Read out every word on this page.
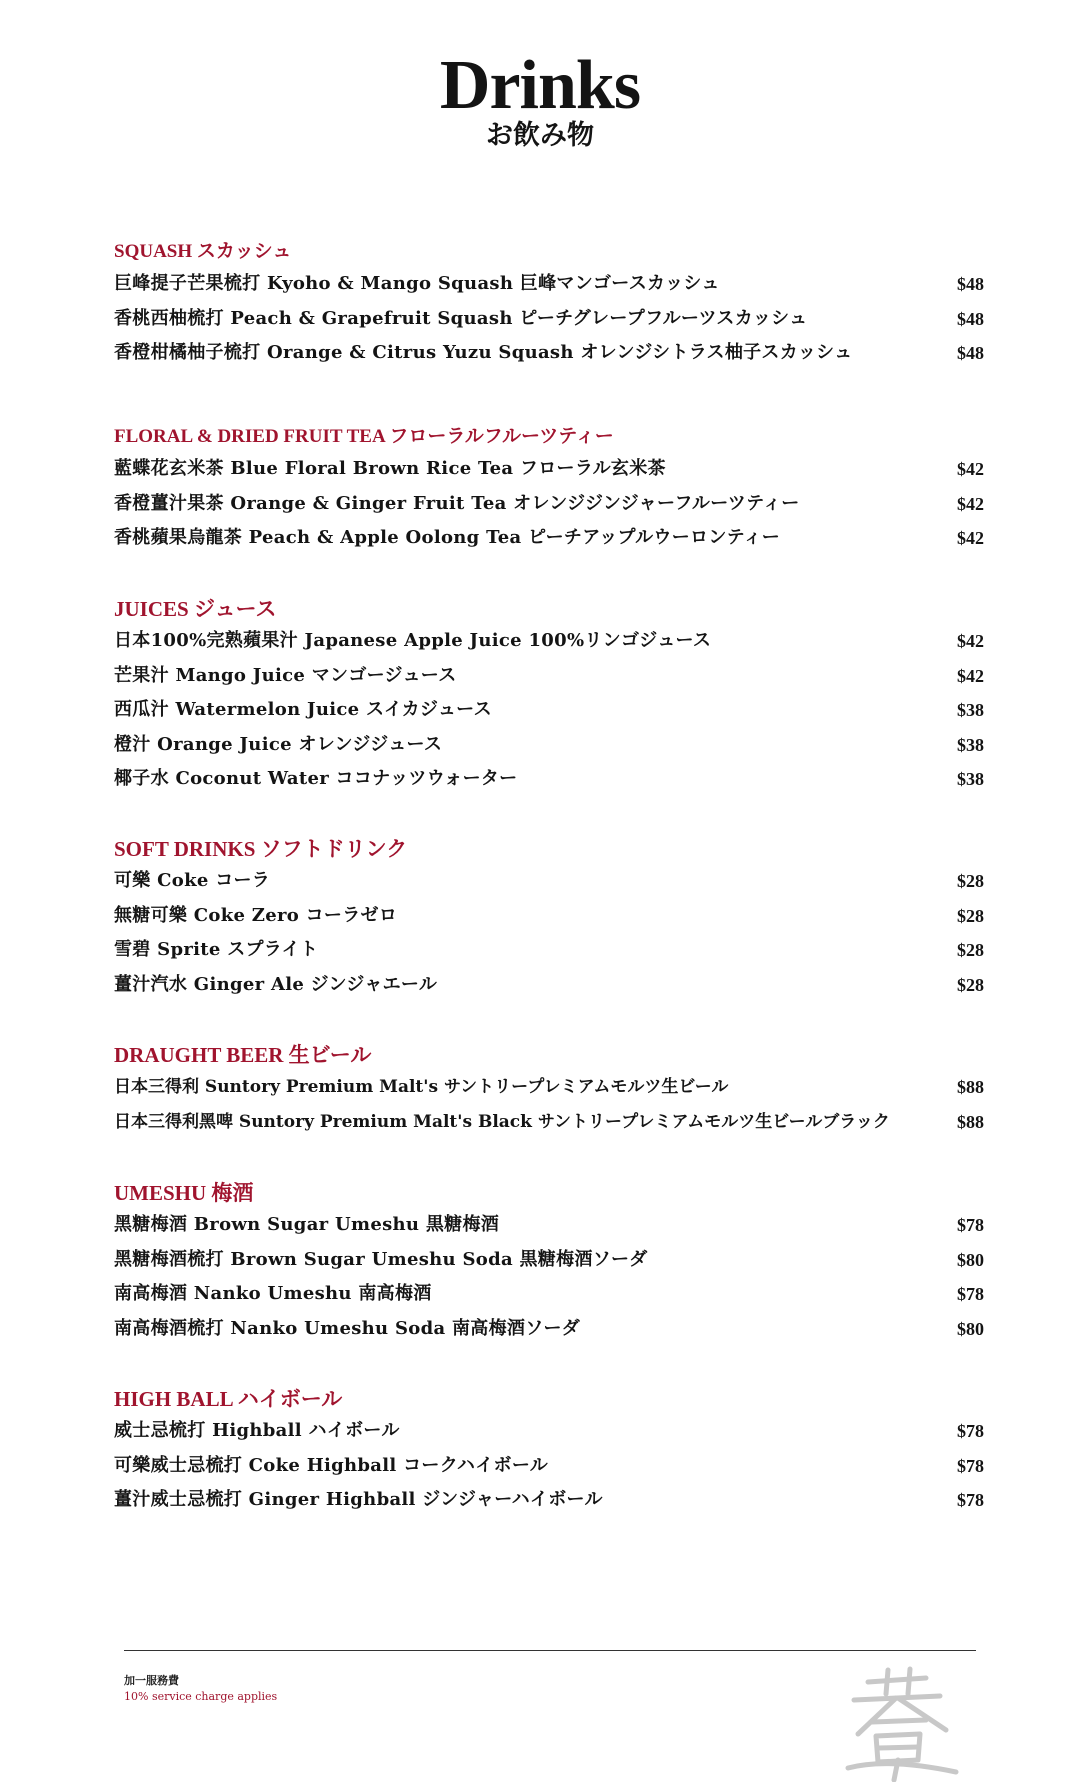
Drinks
お飲み物
SQUASH スカッシュ
巨峰提子芒果梳打 Kyoho & Mango Squash 巨峰マンゴースカッシュ	$48
香桃西柚梳打 Peach & Grapefruit Squash ピーチグレープフルーツスカッシュ	$48
香橙柑橘柚子梳打 Orange & Citrus Yuzu Squash オレンジシトラス柚子スカッシュ	$48
FLORAL & DRIED FRUIT TEA フローラルフルーツティー
藍蝶花玄米茶 Blue Floral Brown Rice Tea フローラル玄米茶	$42
香橙薑汁果茶 Orange & Ginger Fruit Tea オレンジジンジャーフルーツティー	$42
香桃蘋果烏龍茶 Peach & Apple Oolong Tea ピーチアップルウーロンティー	$42
JUICES ジュース
日本100%完熟蘋果汁 Japanese Apple Juice 100%リンゴジュース	$42
芒果汁 Mango Juice マンゴージュース	$42
西瓜汁 Watermelon Juice スイカジュース	$38
橙汁 Orange Juice オレンジジュース	$38
椰子水 Coconut Water ココナッツウォーター	$38
SOFT DRINKS ソフトドリンク
可樂 Coke コーラ	$28
無糖可樂 Coke Zero コーラゼロ	$28
雪碧 Sprite スプライト	$28
薑汁汽水 Ginger Ale ジンジャエール	$28
DRAUGHT BEER 生ビール
日本三得利 Suntory Premium Malt's サントリープレミアムモルツ生ビール	$88
日本三得利黑啤 Suntory Premium Malt's Black サントリープレミアムモルツ生ビールブラック	$88
UMESHU 梅酒
黑糖梅酒 Brown Sugar Umeshu 黒糖梅酒	$78
黑糖梅酒梳打 Brown Sugar Umeshu Soda 黒糖梅酒ソーダ	$80
南高梅酒 Nanko Umeshu 南高梅酒	$78
南高梅酒梳打 Nanko Umeshu Soda 南高梅酒ソーダ	$80
HIGH BALL ハイボール
威士忌梳打 Highball ハイボール	$78
可樂威士忌梳打 Coke Highball コークハイボール	$78
薑汁威士忌梳打 Ginger Highball ジンジャーハイボール	$78
加一服務費
10% service charge applies
